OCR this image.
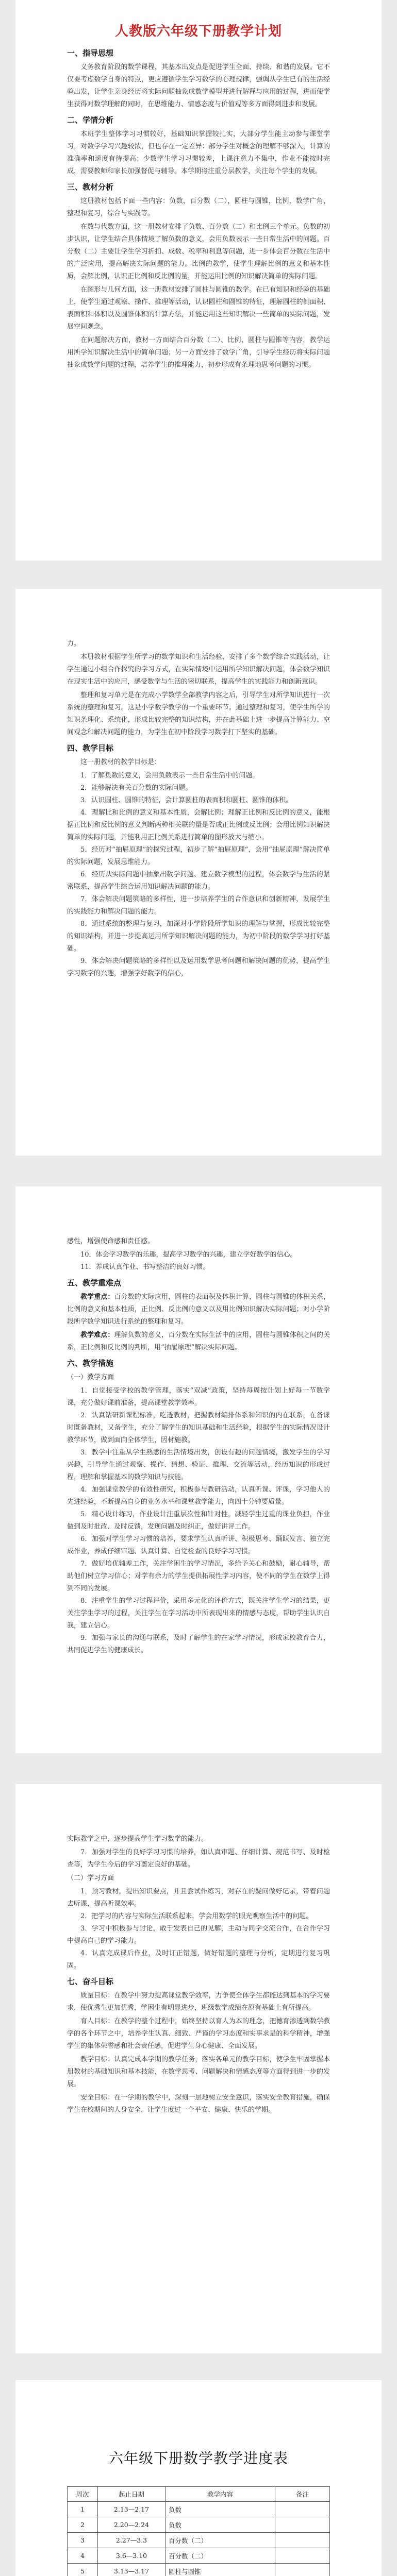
人教版六年级下册教学计划
一、指导思想

义务教育阶段的数学课程，其基本出发点是促进学生全面、持续、和谐的发展。它不仅要考虑数学自身的特点，更应遵循学生学习数学的心理规律，强调从学生已有的生活经验出发，让学生亲身经历将实际问题抽象成数学模型并进行解释与应用的过程，进而使学生获得对数学理解的同时，在思维能力、情感态度与价值观等多方面得到进步和发展。

二、学情分析

本班学生整体学习习惯较好，基础知识掌握较扎实，大部分学生能主动参与课堂学习，对数学学习兴趣较浓，但也存在一定差异：部分学生对概念的理解不够深入，计算的准确率和速度有待提高；少数学生学习习惯较差，上课注意力不集中，作业不能按时完成，需要教师和家长加强督促与辅导。本学期将注重分层教学，关注每个学生的发展。

三、教材分析

这册教材包括下面一些内容：负数，百分数（二），圆柱与圆锥，比例，数学广角，整理和复习，综合与实践等。

在数与代数方面，这一册教材安排了负数、百分数（二）和比例三个单元。负数的初步认识，让学生结合具体情境了解负数的意义，会用负数表示一些日常生活中的问题。百分数（二）主要让学生学习折扣、成数、税率和利息等问题，进一步体会百分数在生活中的广泛应用，提高解决实际问题的能力。比例的教学，使学生理解比例的意义和基本性质，会解比例，认识正比例和反比例的量，并能运用比例的知识解决简单的实际问题。

在图形与几何方面，这一册教材安排了圆柱与圆锥的教学。在已有知识和经验的基础上，使学生通过观察、操作、推理等活动，认识圆柱和圆锥的特征，理解圆柱的侧面积、表面积和体积以及圆锥体积的计算方法，并能运用这些知识解决一些简单的实际问题，发展空间观念。

在问题解决方面，教材一方面结合百分数（二）、比例、圆柱与圆锥等内容，教学运用所学知识解决生活中的简单问题；另一方面安排了数学广角，引导学生经历将实际问题抽象成数学问题的过程，培养学生的推理能力，初步形成有条理地思考问题的习惯。

力。

本册教材根据学生所学习的数学知识和生活经验，安排了多个数学综合实践活动，让学生通过小组合作探究的学习方式，在实际情境中运用所学知识解决问题，体会数学知识在现实生活中的应用，感受数学与生活的密切联系，提高学生的实践能力和创新意识。

整理和复习单元是在完成小学数学全部教学内容之后，引导学生对所学知识进行一次系统的整理和复习。这是小学数学教学的一个重要环节。通过整理和复习，使学生所学的知识条理化、系统化，形成比较完整的知识结构，并在此基础上进一步提高计算能力、空间观念和解决问题的能力，为学生在初中阶段学习数学打下坚实的基础。

四、教学目标

这一册教材的教学目标是：

1．了解负数的意义，会用负数表示一些日常生活中的问题。

2．能够解决有关百分数的实际问题。

3．认识圆柱、圆锥的特征，会计算圆柱的表面积和圆柱、圆锥的体积。

4．理解比和比例的意义和基本性质，会解比例；理解正比例和反比例的意义，能根据正比例和反比例的意义判断两种相关联的量是否成正比例或反比例；会用比例知识解决简单的实际问题，并能利用正比例关系进行简单的图形放大与缩小。

5．经历对“抽屉原理”的探究过程，初步了解“抽屉原理”，会用“抽屉原理”解决简单的实际问题，发展思维能力。

6．经历从实际问题中抽象出数学问题、建立数学模型的过程，体会数学与生活的紧密联系，提高学生综合运用知识解决问题的能力。

7．体会解决问题策略的多样性，进一步培养学生的合作意识和创新精神，发展学生的实践能力和解决问题的能力。

8．通过系统的整理与复习，加深对小学阶段所学知识的理解与掌握，形成比较完整的知识结构，并进一步提高运用所学知识解决问题的能力，为初中阶段的数学学习打好基础。

9．体会解决问题策略的多样性以及运用数学思考问题和解决问题的优势，提高学生学习数学的兴趣，增强学好数学的信心，

感性，增强使命感和责任感。

10．体会学习数学的乐趣，提高学习数学的兴趣，建立学好数学的信心。

11．养成认真作业、书写整洁的良好习惯。

五、教学重难点

教学重点：百分数的实际应用，圆柱的表面积及体积计算，圆柱与圆锥的体积关系，比例的意义和基本性质，正比例、反比例的意义以及用比例知识解决实际问题；对小学阶段所学数学知识进行系统的整理和复习。

教学难点：理解负数的意义，百分数在实际生活中的应用，圆柱与圆锥体积之间的关系，正比例和反比例的判断，用“抽屉原理”解决实际问题。

六、教学措施
（一）教学方面

1．自觉接受学校的教学管理，落实“双减”政策，坚持每周按计划上好每一节数学课，充分做好课前准备，提高课堂教学效率。

2．认真钻研新课程标准，吃透教材，把握教材编排体系和知识的内在联系，在备课时既备教材，又备学生，充分了解学生的知识基础和生活经验，根据学生的实际情况设计教学环节，做到面向全体学生，因材施教。

3．教学中注重从学生熟悉的生活情境出发，创设有趣的问题情境，激发学生的学习兴趣，引导学生通过观察、操作、猜想、验证、推理、交流等活动，经历知识的形成过程，理解和掌握基本的数学知识与技能。

4．加强课堂教学的有效性研究，积极参与教研活动，认真听课、评课，学习他人的先进经验，不断提高自身的业务水平和课堂教学能力，向四十分钟要质量。

5．精心设计练习，作业设计注重层次性和针对性，减轻学生过重的课业负担，作业做到及时批改、及时反馈，发现问题及时纠正，做好讲评工作。

6．加强对学生学习习惯的培养，要求学生认真听讲、积极思考、踊跃发言、独立完成作业，养成仔细审题、认真计算、自觉检查的良好学习习惯。

7．做好培优辅差工作，关注学困生的学习情况，多给予关心和鼓励，耐心辅导，帮助他们树立学习信心；对学有余力的学生提供拓展性学习内容，使不同的学生在数学上得到不同的发展。

8．注重学生的学习过程评价，采用多元化的评价方式，既关注学生学习的结果，更关注学生学习的过程，关注学生在学习活动中所表现出来的情感与态度，帮助学生认识自我，建立信心。

9．加强与家长的沟通与联系，及时了解学生的在家学习情况，形成家校教育合力，共同促进学生的健康成长。

实际教学之中，逐步提高学生学习数学的能力。

7．加强对学生的良好学习习惯的培养，如认真审题、仔细计算、规范书写、及时检查等，为学生今后的学习奠定良好的基础。

（二）学习方面

1．预习教材，提出知识要点，并且尝试作练习，对存在的疑问做好记录，带着问题去听课，提高听课效率。

2．把学习的内容与实际生活联系起来，学会用数学的眼光观察生活中的问题。

3．学习中积极参与讨论，敢于发表自己的见解，主动与同学交流合作，在合作学习中提高自己的学习能力。

4．认真完成课后作业，及时订正错题，做好错题的整理与分析，定期进行复习巩固。

七、奋斗目标

质量目标：在教学中努力提高课堂教学效率，力争使全体学生都能达到基本的学习要求，使优秀生更加优秀，学困生有明显进步，班级数学成绩在原有基础上有所提高。

育人目标：在教学的整个过程中，始终坚持以育人为本的理念，把德育渗透到数学教学的各个环节之中，培养学生认真、细致、严谨的学习态度和实事求是的科学精神，增强学生的集体荣誉感和社会责任感，促进学生身心健康、全面发展。

教学目标：认真完成本学期的教学任务，落实各单元的教学目标，使学生牢固掌握本册教材的基础知识和基本技能，在数学思考、问题解决和情感态度等方面得到进一步的发展。

安全目标：在一学期的教学中，深刻一层地树立安全意识，落实安全教育措施，确保学生在校期间的人身安全，让学生度过一个平安、健康、快乐的学期。

六年级下册数学教学进度表
周次	起止日期	教学内容	备注
1	2.13—2.17	负数	
2	2.20—2.24	负数	
3	2.27—3.3	百分数（二）	
4	3.6—3.10	百分数（二）	
5	3.13—3.17	圆柱与圆锥	
